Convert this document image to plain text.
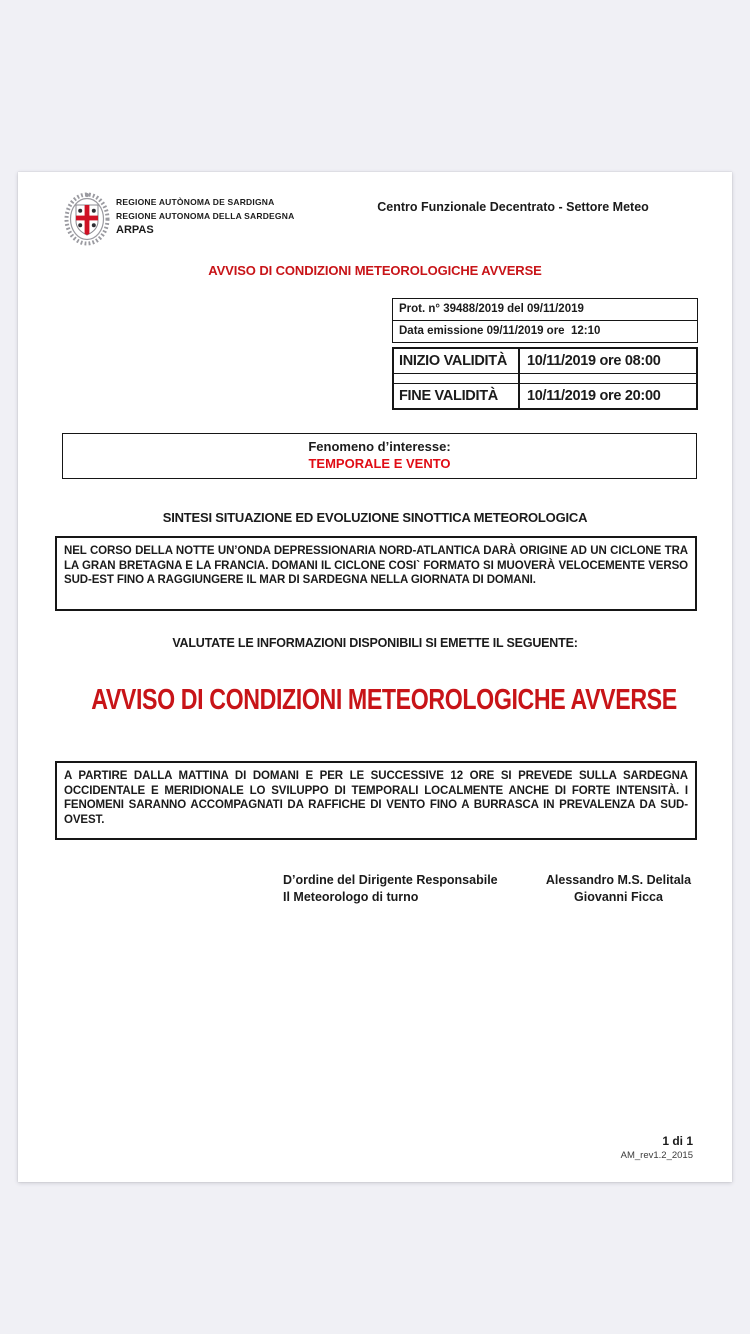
REGIONE AUTÒNOMA DE SARDIGNA
REGIONE AUTONOMA DELLA SARDEGNA
ARPAS
Centro Funzionale Decentrato - Settore Meteo
AVVISO DI CONDIZIONI METEOROLOGICHE AVVERSE
Prot. n° 39488/2019 del 09/11/2019
Data emissione 09/11/2019 ore  12:10
INIZIO VALIDITÀ	10/11/2019 ore 08:00
FINE VALIDITÀ	10/11/2019 ore 20:00
Fenomeno d’interesse:
TEMPORALE E VENTO
SINTESI SITUAZIONE ED EVOLUZIONE SINOTTICA METEOROLOGICA
NEL CORSO DELLA NOTTE UN’ONDA DEPRESSIONARIA NORD-ATLANTICA DARÀ ORIGINE AD UN CICLONE TRA LA GRAN BRETAGNA E LA FRANCIA. DOMANI IL CICLONE COSI` FORMATO SI MUOVERÀ VELOCEMENTE VERSO SUD-EST FINO A RAGGIUNGERE IL MAR DI SARDEGNA NELLA GIORNATA DI DOMANI.
VALUTATE LE INFORMAZIONI DISPONIBILI SI EMETTE IL SEGUENTE:
AVVISO DI CONDIZIONI METEOROLOGICHE AVVERSE
A PARTIRE DALLA MATTINA DI DOMANI E PER LE SUCCESSIVE 12 ORE SI PREVEDE SULLA SARDEGNA OCCIDENTALE E MERIDIONALE LO SVILUPPO DI TEMPORALI LOCALMENTE ANCHE DI FORTE INTENSITÀ. I FENOMENI SARANNO ACCOMPAGNATI DA RAFFICHE DI VENTO FINO A BURRASCA IN PREVALENZA DA SUD-OVEST.
D’ordine del Dirigente Responsabile
Il Meteorologo di turno
Alessandro M.S. Delitala
Giovanni Ficca
1 di 1
AM_rev1.2_2015
